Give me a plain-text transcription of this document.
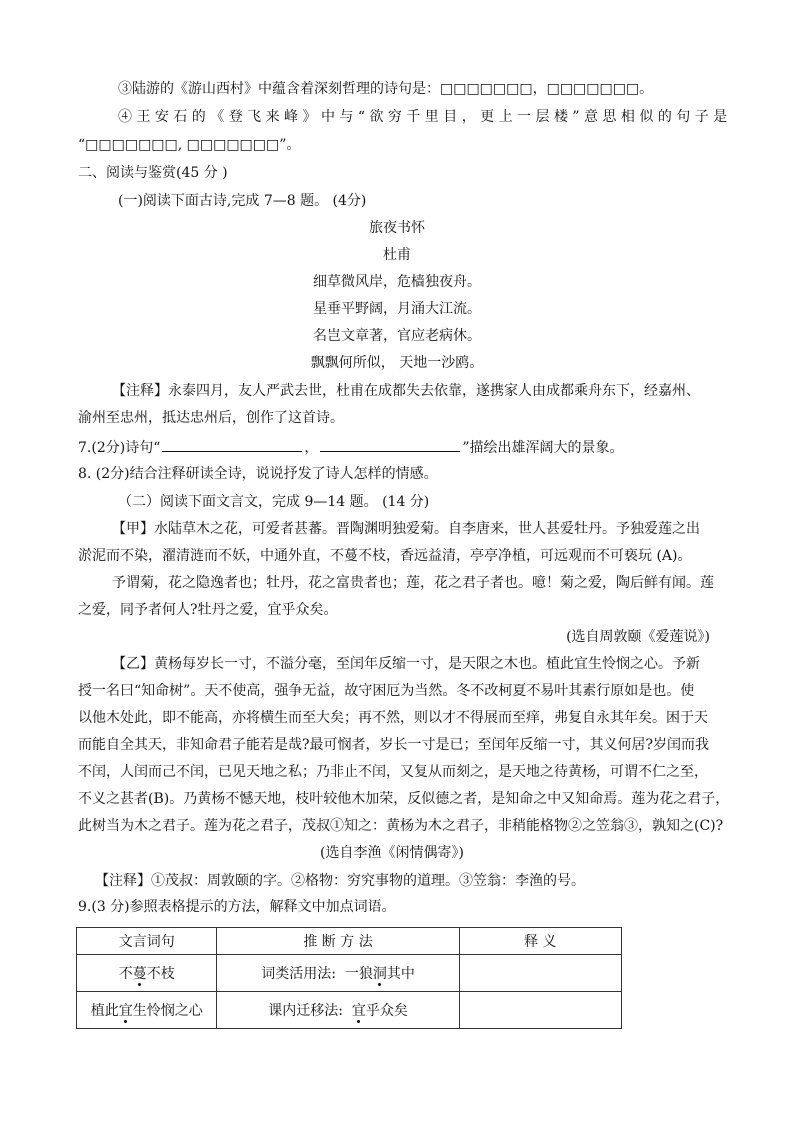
③陆游的《游山西村》中蕴含着深刻哲理的诗句是：□□□□□□□，□□□□□□□。
④ 王 安 石 的 《 登 飞 来 峰 》 中 与 “ 欲 穷 千 里 目 ， 更 上 一 层 楼 ” 意 思 相 似 的 句 子 是
“□□□□□□□, □□□□□□□”。
二、阅读与鉴赏(45 分 )
(一)阅读下面古诗,完成 7—8 题。 (4分)
旅夜书怀
杜甫
细草微风岸，危樯独夜舟。
星垂平野阔，月涌大江流。
名岂文章著，官应老病休。
飘飘何所似， 天地一沙鸥。
【注释】永泰四月，友人严武去世，杜甫在成都失去依靠，遂携家人由成都乘舟东下，经嘉州、
渝州至忠州，抵达忠州后，创作了这首诗。
7.(2分)诗句“	，	”描绘出雄浑阔大的景象。
8. (2分)结合注释研读全诗，说说抒发了诗人怎样的情感。
（二）阅读下面文言文，完成 9—14 题。 (14 分)
【甲】水陆草木之花，可爱者甚蕃。晋陶渊明独爱菊。自李唐来，世人甚爱牡丹。予独爱莲之出
淤泥而不染，濯清涟而不妖，中通外直，不蔓不枝，香远益清，亭亭净植，可远观而不可亵玩 (A)。
予谓菊，花之隐逸者也；牡丹，花之富贵者也；莲，花之君子者也。噫！菊之爱，陶后鲜有闻。莲
之爱，同予者何人?牡丹之爱，宜乎众矣。
(选自周敦颐《爱莲说》)
【乙】黄杨每岁长一寸，不溢分毫，至闰年反缩一寸，是天限之木也。植此宜生怜悯之心。予新
授一名曰“知命树”。天不使高，强争无益，故守困厄为当然。冬不改柯夏不易叶其素行原如是也。使
以他木处此，即不能高，亦将横生而至大矣；再不然，则以才不得展而至痒，弗复自永其年矣。困于天
而能自全其天，非知命君子能若是哉?最可悯者，岁长一寸是已；至闰年反缩一寸，其义何居?岁闰而我
不闰，人闰而己不闰，已见天地之私；乃非止不闰，又复从而刻之，是天地之待黄杨，可谓不仁之至，
不义之甚者(B)。乃黄杨不憾天地，枝叶较他木加荣，反似德之者，是知命之中又知命焉。莲为花之君子，
此树当为木之君子。莲为花之君子，茂叔①知之：黄杨为木之君子，非稍能格物②之笠翁③，孰知之(C)?
(选自李渔《闲情偶寄》)
【注释】①茂叔：周敦颐的字。②格物：穷究事物的道理。③笠翁：李渔的号。
9.(3 分)参照表格提示的方法，解释文中加点词语。
文言词句	推 断 方 法	释 义
不蔓不枝	词类活用法:  一狼洞其中	
植此宜生怜悯之心	课内迁移法: 宜乎众矣	
